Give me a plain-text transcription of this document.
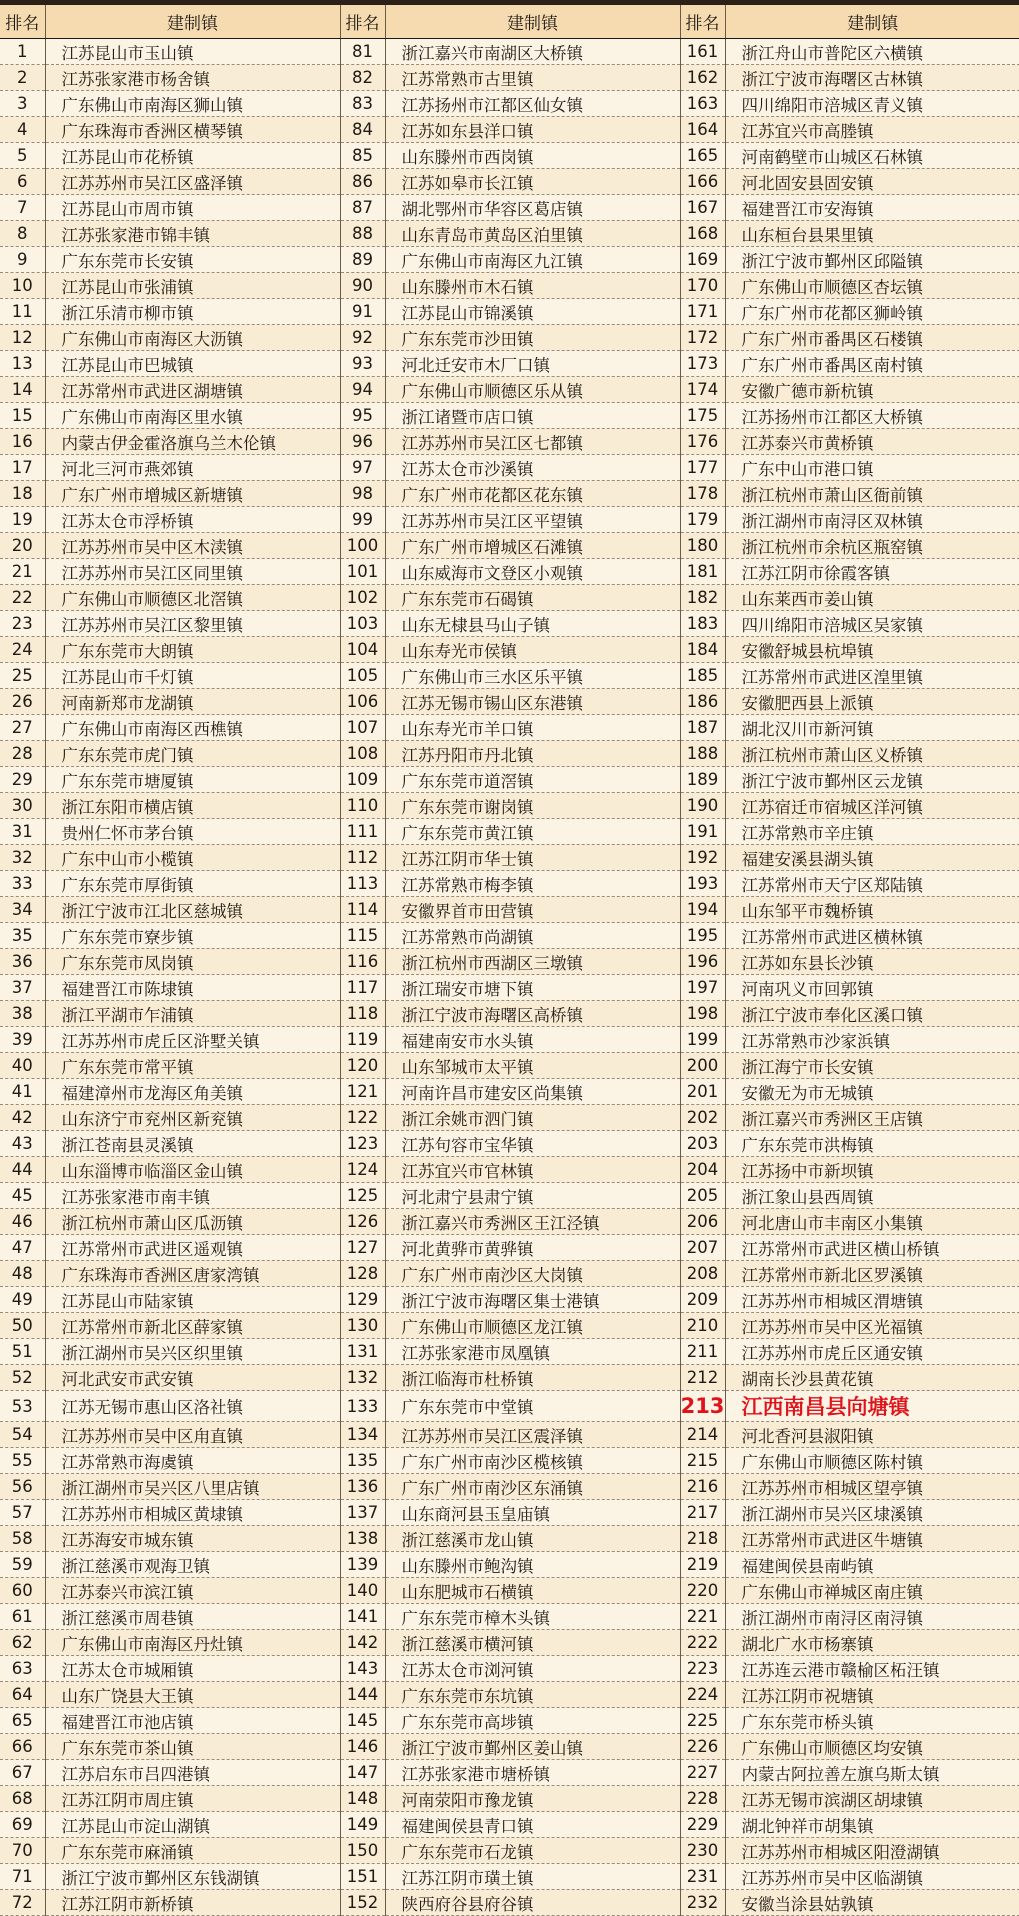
排名	建制镇	排名	建制镇	排名	建制镇
1	江苏昆山市玉山镇	81	浙江嘉兴市南湖区大桥镇	161	浙江舟山市普陀区六横镇
2	江苏张家港市杨舍镇	82	江苏常熟市古里镇	162	浙江宁波市海曙区古林镇
3	广东佛山市南海区狮山镇	83	江苏扬州市江都区仙女镇	163	四川绵阳市涪城区青义镇
4	广东珠海市香洲区横琴镇	84	江苏如东县洋口镇	164	江苏宜兴市高塍镇
5	江苏昆山市花桥镇	85	山东滕州市西岗镇	165	河南鹤壁市山城区石林镇
6	江苏苏州市吴江区盛泽镇	86	江苏如皋市长江镇	166	河北固安县固安镇
7	江苏昆山市周市镇	87	湖北鄂州市华容区葛店镇	167	福建晋江市安海镇
8	江苏张家港市锦丰镇	88	山东青岛市黄岛区泊里镇	168	山东桓台县果里镇
9	广东东莞市长安镇	89	广东佛山市南海区九江镇	169	浙江宁波市鄞州区邱隘镇
10	江苏昆山市张浦镇	90	山东滕州市木石镇	170	广东佛山市顺德区杏坛镇
11	浙江乐清市柳市镇	91	江苏昆山市锦溪镇	171	广东广州市花都区狮岭镇
12	广东佛山市南海区大沥镇	92	广东东莞市沙田镇	172	广东广州市番禺区石楼镇
13	江苏昆山市巴城镇	93	河北迁安市木厂口镇	173	广东广州市番禺区南村镇
14	江苏常州市武进区湖塘镇	94	广东佛山市顺德区乐从镇	174	安徽广德市新杭镇
15	广东佛山市南海区里水镇	95	浙江诸暨市店口镇	175	江苏扬州市江都区大桥镇
16	内蒙古伊金霍洛旗乌兰木伦镇	96	江苏苏州市吴江区七都镇	176	江苏泰兴市黄桥镇
17	河北三河市燕郊镇	97	江苏太仓市沙溪镇	177	广东中山市港口镇
18	广东广州市增城区新塘镇	98	广东广州市花都区花东镇	178	浙江杭州市萧山区衙前镇
19	江苏太仓市浮桥镇	99	江苏苏州市吴江区平望镇	179	浙江湖州市南浔区双林镇
20	江苏苏州市吴中区木渎镇	100	广东广州市增城区石滩镇	180	浙江杭州市余杭区瓶窑镇
21	江苏苏州市吴江区同里镇	101	山东威海市文登区小观镇	181	江苏江阴市徐霞客镇
22	广东佛山市顺德区北滘镇	102	广东东莞市石碣镇	182	山东莱西市姜山镇
23	江苏苏州市吴江区黎里镇	103	山东无棣县马山子镇	183	四川绵阳市涪城区吴家镇
24	广东东莞市大朗镇	104	山东寿光市侯镇	184	安徽舒城县杭埠镇
25	江苏昆山市千灯镇	105	广东佛山市三水区乐平镇	185	江苏常州市武进区湟里镇
26	河南新郑市龙湖镇	106	江苏无锡市锡山区东港镇	186	安徽肥西县上派镇
27	广东佛山市南海区西樵镇	107	山东寿光市羊口镇	187	湖北汉川市新河镇
28	广东东莞市虎门镇	108	江苏丹阳市丹北镇	188	浙江杭州市萧山区义桥镇
29	广东东莞市塘厦镇	109	广东东莞市道滘镇	189	浙江宁波市鄞州区云龙镇
30	浙江东阳市横店镇	110	广东东莞市谢岗镇	190	江苏宿迁市宿城区洋河镇
31	贵州仁怀市茅台镇	111	广东东莞市黄江镇	191	江苏常熟市辛庄镇
32	广东中山市小榄镇	112	江苏江阴市华士镇	192	福建安溪县湖头镇
33	广东东莞市厚街镇	113	江苏常熟市梅李镇	193	江苏常州市天宁区郑陆镇
34	浙江宁波市江北区慈城镇	114	安徽界首市田营镇	194	山东邹平市魏桥镇
35	广东东莞市寮步镇	115	江苏常熟市尚湖镇	195	江苏常州市武进区横林镇
36	广东东莞市凤岗镇	116	浙江杭州市西湖区三墩镇	196	江苏如东县长沙镇
37	福建晋江市陈埭镇	117	浙江瑞安市塘下镇	197	河南巩义市回郭镇
38	浙江平湖市乍浦镇	118	浙江宁波市海曙区高桥镇	198	浙江宁波市奉化区溪口镇
39	江苏苏州市虎丘区浒墅关镇	119	福建南安市水头镇	199	江苏常熟市沙家浜镇
40	广东东莞市常平镇	120	山东邹城市太平镇	200	浙江海宁市长安镇
41	福建漳州市龙海区角美镇	121	河南许昌市建安区尚集镇	201	安徽无为市无城镇
42	山东济宁市兖州区新兖镇	122	浙江余姚市泗门镇	202	浙江嘉兴市秀洲区王店镇
43	浙江苍南县灵溪镇	123	江苏句容市宝华镇	203	广东东莞市洪梅镇
44	山东淄博市临淄区金山镇	124	江苏宜兴市官林镇	204	江苏扬中市新坝镇
45	江苏张家港市南丰镇	125	河北肃宁县肃宁镇	205	浙江象山县西周镇
46	浙江杭州市萧山区瓜沥镇	126	浙江嘉兴市秀洲区王江泾镇	206	河北唐山市丰南区小集镇
47	江苏常州市武进区遥观镇	127	河北黄骅市黄骅镇	207	江苏常州市武进区横山桥镇
48	广东珠海市香洲区唐家湾镇	128	广东广州市南沙区大岗镇	208	江苏常州市新北区罗溪镇
49	江苏昆山市陆家镇	129	浙江宁波市海曙区集士港镇	209	江苏苏州市相城区渭塘镇
50	江苏常州市新北区薛家镇	130	广东佛山市顺德区龙江镇	210	江苏苏州市吴中区光福镇
51	浙江湖州市吴兴区织里镇	131	江苏张家港市凤凰镇	211	江苏苏州市虎丘区通安镇
52	河北武安市武安镇	132	浙江临海市杜桥镇	212	湖南长沙县黄花镇
53	江苏无锡市惠山区洛社镇	133	广东东莞市中堂镇	213	江西南昌县向塘镇
54	江苏苏州市吴中区甪直镇	134	江苏苏州市吴江区震泽镇	214	河北香河县淑阳镇
55	江苏常熟市海虞镇	135	广东广州市南沙区榄核镇	215	广东佛山市顺德区陈村镇
56	浙江湖州市吴兴区八里店镇	136	广东广州市南沙区东涌镇	216	江苏苏州市相城区望亭镇
57	江苏苏州市相城区黄埭镇	137	山东商河县玉皇庙镇	217	浙江湖州市吴兴区埭溪镇
58	江苏海安市城东镇	138	浙江慈溪市龙山镇	218	江苏常州市武进区牛塘镇
59	浙江慈溪市观海卫镇	139	山东滕州市鲍沟镇	219	福建闽侯县南屿镇
60	江苏泰兴市滨江镇	140	山东肥城市石横镇	220	广东佛山市禅城区南庄镇
61	浙江慈溪市周巷镇	141	广东东莞市樟木头镇	221	浙江湖州市南浔区南浔镇
62	广东佛山市南海区丹灶镇	142	浙江慈溪市横河镇	222	湖北广水市杨寨镇
63	江苏太仓市城厢镇	143	江苏太仓市浏河镇	223	江苏连云港市赣榆区柘汪镇
64	山东广饶县大王镇	144	广东东莞市东坑镇	224	江苏江阴市祝塘镇
65	福建晋江市池店镇	145	广东东莞市高埗镇	225	广东东莞市桥头镇
66	广东东莞市茶山镇	146	浙江宁波市鄞州区姜山镇	226	广东佛山市顺德区均安镇
67	江苏启东市吕四港镇	147	江苏张家港市塘桥镇	227	内蒙古阿拉善左旗乌斯太镇
68	江苏江阴市周庄镇	148	河南荥阳市豫龙镇	228	江苏无锡市滨湖区胡埭镇
69	江苏昆山市淀山湖镇	149	福建闽侯县青口镇	229	湖北钟祥市胡集镇
70	广东东莞市麻涌镇	150	广东东莞市石龙镇	230	江苏苏州市相城区阳澄湖镇
71	浙江宁波市鄞州区东钱湖镇	151	江苏江阴市璜土镇	231	江苏苏州市吴中区临湖镇
72	江苏江阴市新桥镇	152	陕西府谷县府谷镇	232	安徽当涂县姑孰镇
